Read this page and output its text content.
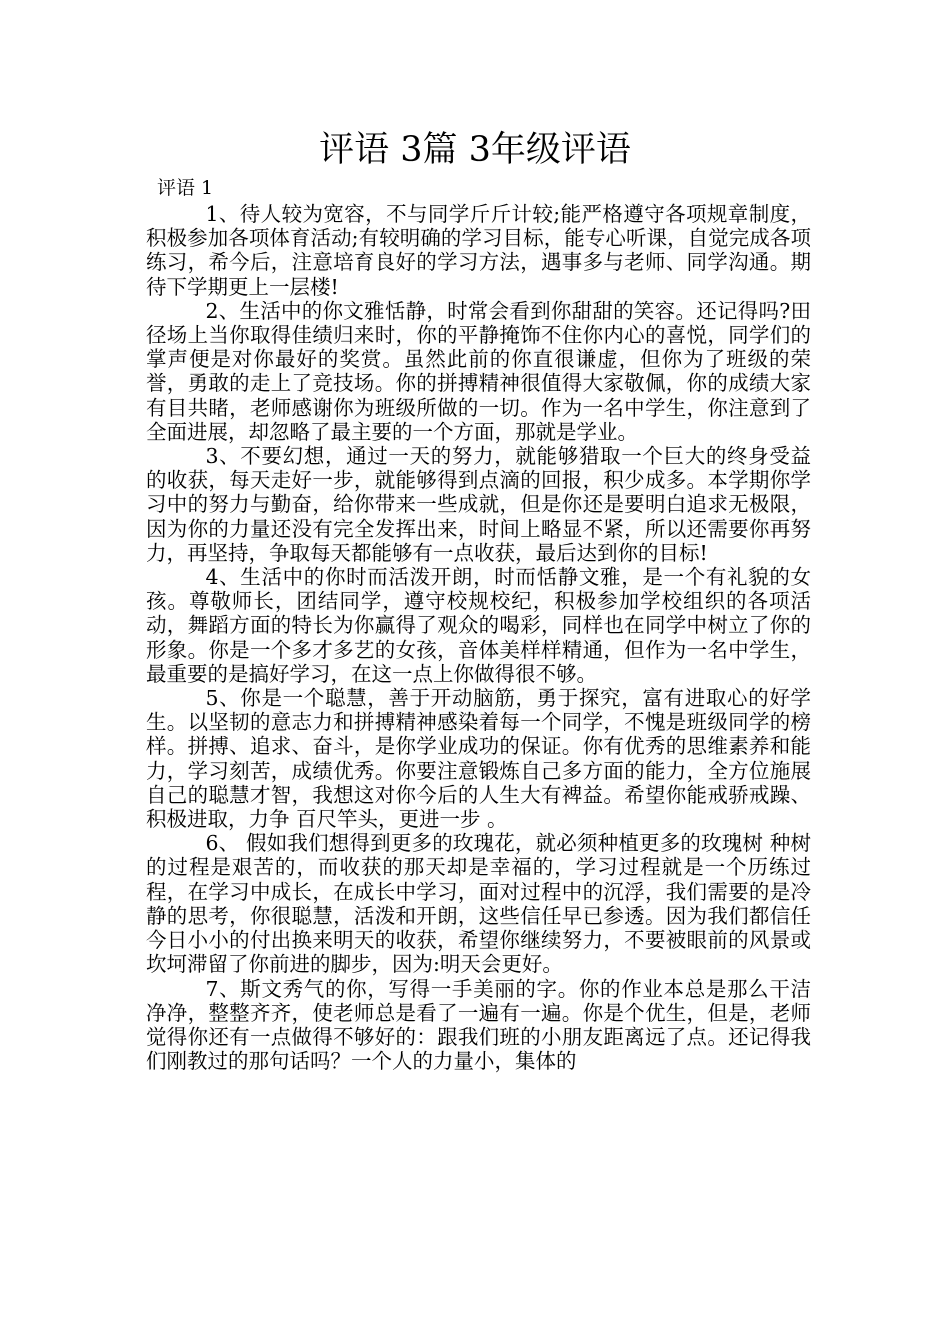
评语 3篇 3年级评语
评语 1

1、待人较为宽容，不与同学斤斤计较;能严格遵守各项规章制度，积极参加各项体育活动;有较明确的学习目标，能专心听课，自觉完成各项练习，希今后，注意培育良好的学习方法，遇事多与老师、同学沟通。期待下学期更上一层楼!

2、生活中的你文雅恬静，时常会看到你甜甜的笑容。还记得吗?田径场上当你取得佳绩归来时，你的平静掩饰不住你内心的喜悦，同学们的掌声便是对你最好的奖赏。虽然此前的你直很谦虚，但你为了班级的荣誉，勇敢的走上了竞技场。你的拼搏精神很值得大家敬佩，你的成绩大家有目共睹，老师感谢你为班级所做的一切。作为一名中学生，你注意到了全面进展，却忽略了最主要的一个方面，那就是学业。

3、不要幻想，通过一天的努力，就能够猎取一个巨大的终身受益的收获，每天走好一步，就能够得到点滴的回报，积少成多。本学期你学习中的努力与勤奋，给你带来一些成就，但是你还是要明白追求无极限，因为你的力量还没有完全发挥出来，时间上略显不紧，所以还需要你再努力，再坚持，争取每天都能够有一点收获，最后达到你的目标!

4、生活中的你时而活泼开朗，时而恬静文雅，是一个有礼貌的女孩。尊敬师长，团结同学，遵守校规校纪，积极参加学校组织的各项活动，舞蹈方面的特长为你赢得了观众的喝彩，同样也在同学中树立了你的形象。你是一个多才多艺的女孩，音体美样样精通，但作为一名中学生，最重要的是搞好学习，在这一点上你做得很不够。

5、你是一个聪慧，善于开动脑筋，勇于探究，富有进取心的好学生。以坚韧的意志力和拼搏精神感染着每一个同学，不愧是班级同学的榜样。拼搏、追求、奋斗，是你学业成功的保证。你有优秀的思维素养和能力，学习刻苦，成绩优秀。你要注意锻炼自己多方面的能力，全方位施展自己的聪慧才智，我想这对你今后的人生大有裨益。希望你能戒骄戒躁、积极进取，力争 百尺竿头，更进一步 。

6、 假如我们想得到更多的玫瑰花，就必须种植更多的玫瑰树 种树的过程是艰苦的，而收获的那天却是幸福的，学习过程就是一个历练过程，在学习中成长，在成长中学习，面对过程中的沉浮，我们需要的是冷静的思考，你很聪慧，活泼和开朗，这些信任早已参透。因为我们都信任今日小小的付出换来明天的收获，希望你继续努力，不要被眼前的风景或坎坷滞留了你前进的脚步，因为:明天会更好。

7、斯文秀气的你，写得一手美丽的字。你的作业本总是那么干洁净净，整整齐齐，使老师总是看了一遍有一遍。你是个优生，但是，老师觉得你还有一点做得不够好的：跟我们班的小朋友距离远了点。还记得我们刚教过的那句话吗？一个人的力量小，集体的
